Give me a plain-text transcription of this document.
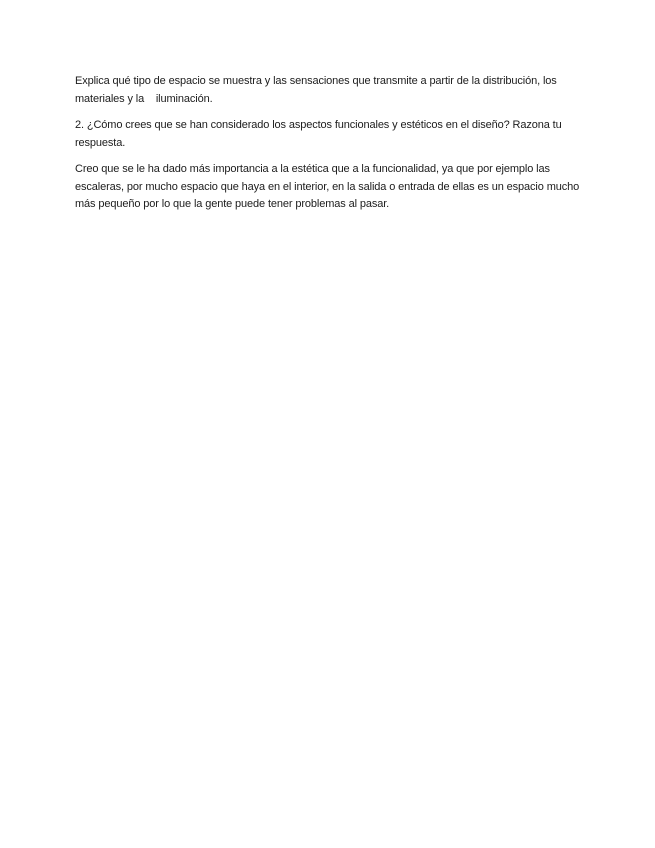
Explica qué tipo de espacio se muestra y las sensaciones que transmite a partir de la distribución, los
materiales y la    iluminación.
2. ¿Cómo crees que se han considerado los aspectos funcionales y estéticos en el diseño? Razona tu
respuesta.
Creo que se le ha dado más importancia a la estética que a la funcionalidad, ya que por ejemplo las
escaleras, por mucho espacio que haya en el interior, en la salida o entrada de ellas es un espacio mucho
más pequeño por lo que la gente puede tener problemas al pasar.
